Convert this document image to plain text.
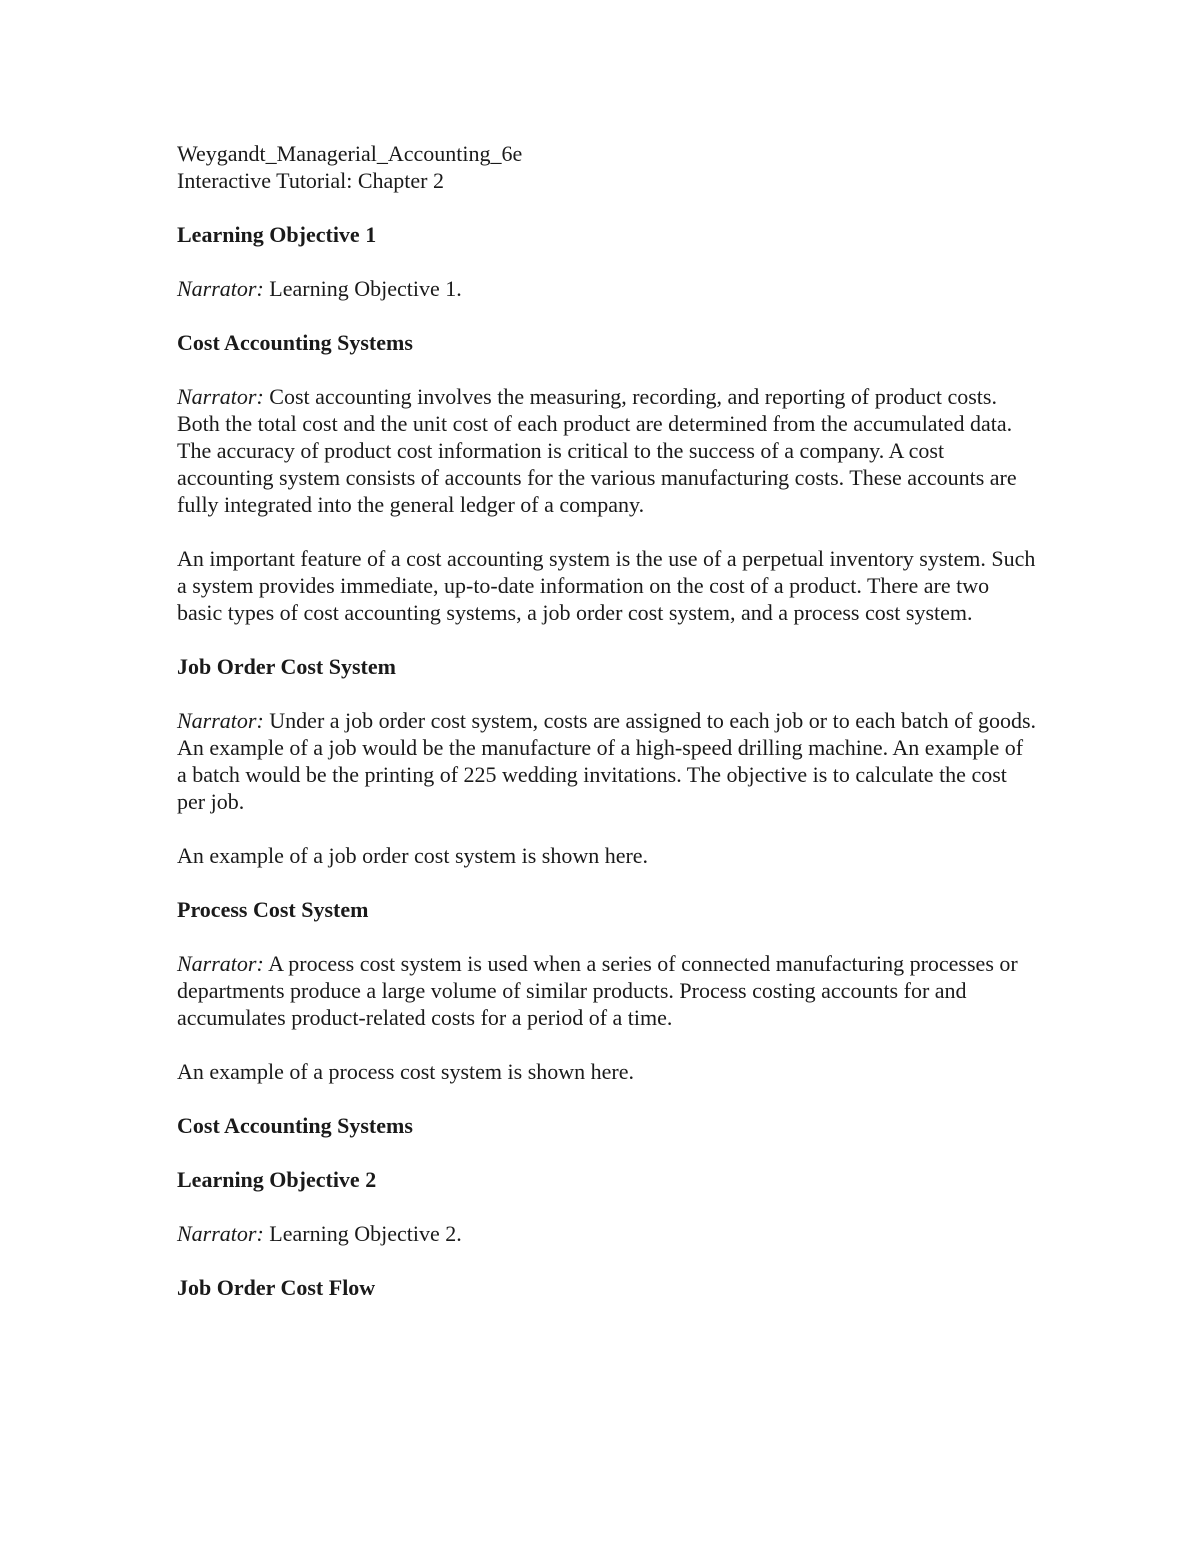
Weygandt_Managerial_Accounting_6e
Interactive Tutorial: Chapter 2

Learning Objective 1

Narrator: Learning Objective 1.

Cost Accounting Systems

Narrator: Cost accounting involves the measuring, recording, and reporting of product costs. Both the total cost and the unit cost of each product are determined from the accumulated data. The accuracy of product cost information is critical to the success of a company. A cost accounting system consists of accounts for the various manufacturing costs. These accounts are fully integrated into the general ledger of a company.

An important feature of a cost accounting system is the use of a perpetual inventory system. Such a system provides immediate, up-to-date information on the cost of a product. There are two basic types of cost accounting systems, a job order cost system, and a process cost system.

Job Order Cost System

Narrator: Under a job order cost system, costs are assigned to each job or to each batch of goods. An example of a job would be the manufacture of a high-speed drilling machine. An example of a batch would be the printing of 225 wedding invitations. The objective is to calculate the cost per job.

An example of a job order cost system is shown here.

Process Cost System

Narrator: A process cost system is used when a series of connected manufacturing processes or departments produce a large volume of similar products. Process costing accounts for and accumulates product-related costs for a period of a time.

An example of a process cost system is shown here.

Cost Accounting Systems

Learning Objective 2

Narrator: Learning Objective 2.

Job Order Cost Flow
